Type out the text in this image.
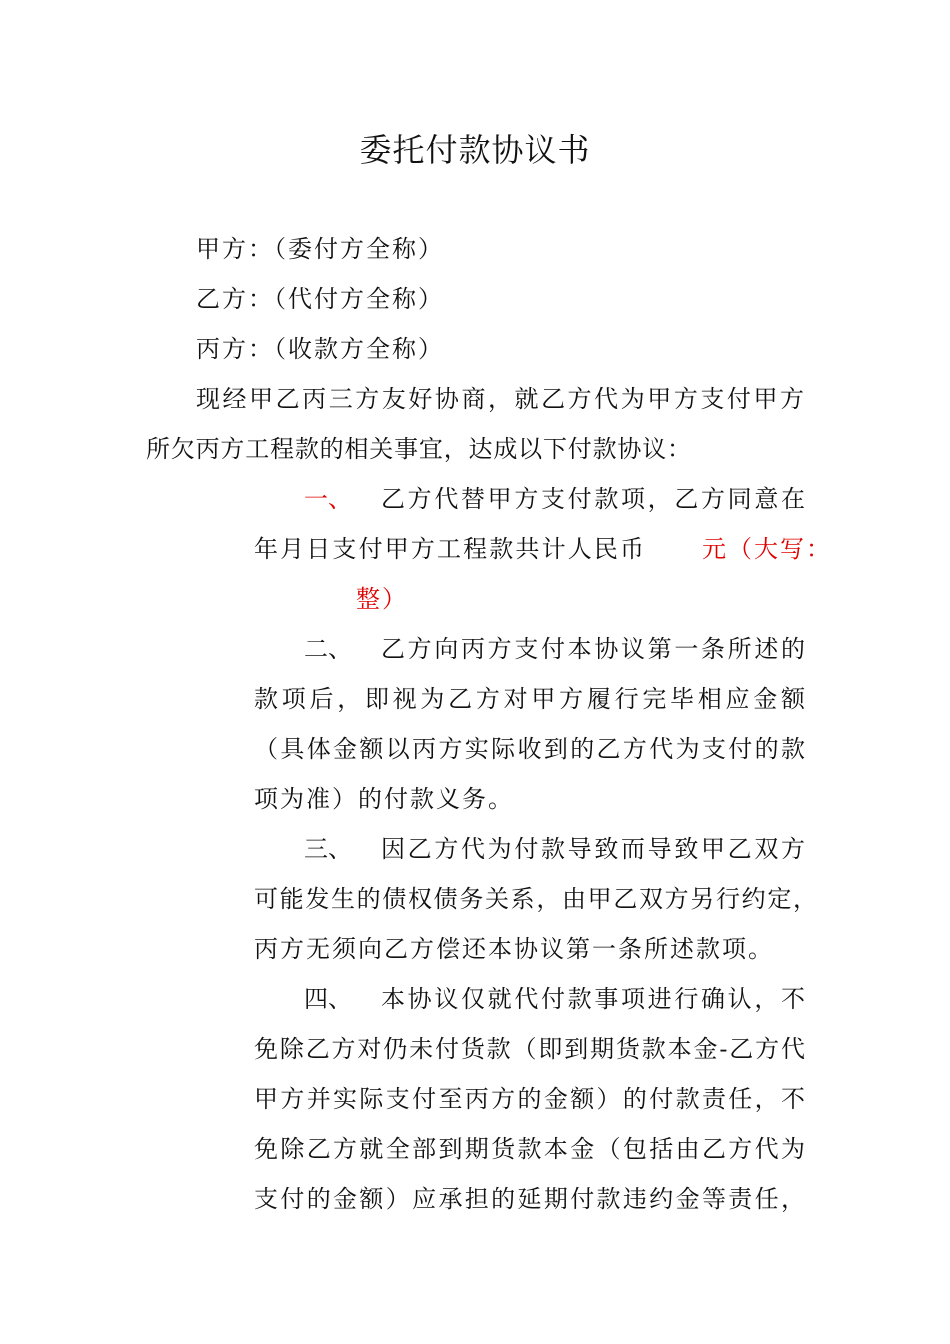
委托付款协议书
甲方：（委付方全称）
乙方：（代付方全称）
丙方：（收款方全称）
现经甲乙丙三方友好协商，就乙方代为甲方支付甲方
所欠丙方工程款的相关事宜，达成以下付款协议：
一、 乙方代替甲方支付款项，乙方同意在
年月日支付甲方工程款共计人民币 元（大写：
整）
二、 乙方向丙方支付本协议第一条所述的
款项后，即视为乙方对甲方履行完毕相应金额
（具体金额以丙方实际收到的乙方代为支付的款
项为准）的付款义务。
三、 因乙方代为付款导致而导致甲乙双方
可能发生的债权债务关系，由甲乙双方另行约定，
丙方无须向乙方偿还本协议第一条所述款项。
四、 本协议仅就代付款事项进行确认，不
免除乙方对仍未付货款（即到期货款本金-乙方代
甲方并实际支付至丙方的金额）的付款责任，不
免除乙方就全部到期货款本金（包括由乙方代为
支付的金额）应承担的延期付款违约金等责任，
